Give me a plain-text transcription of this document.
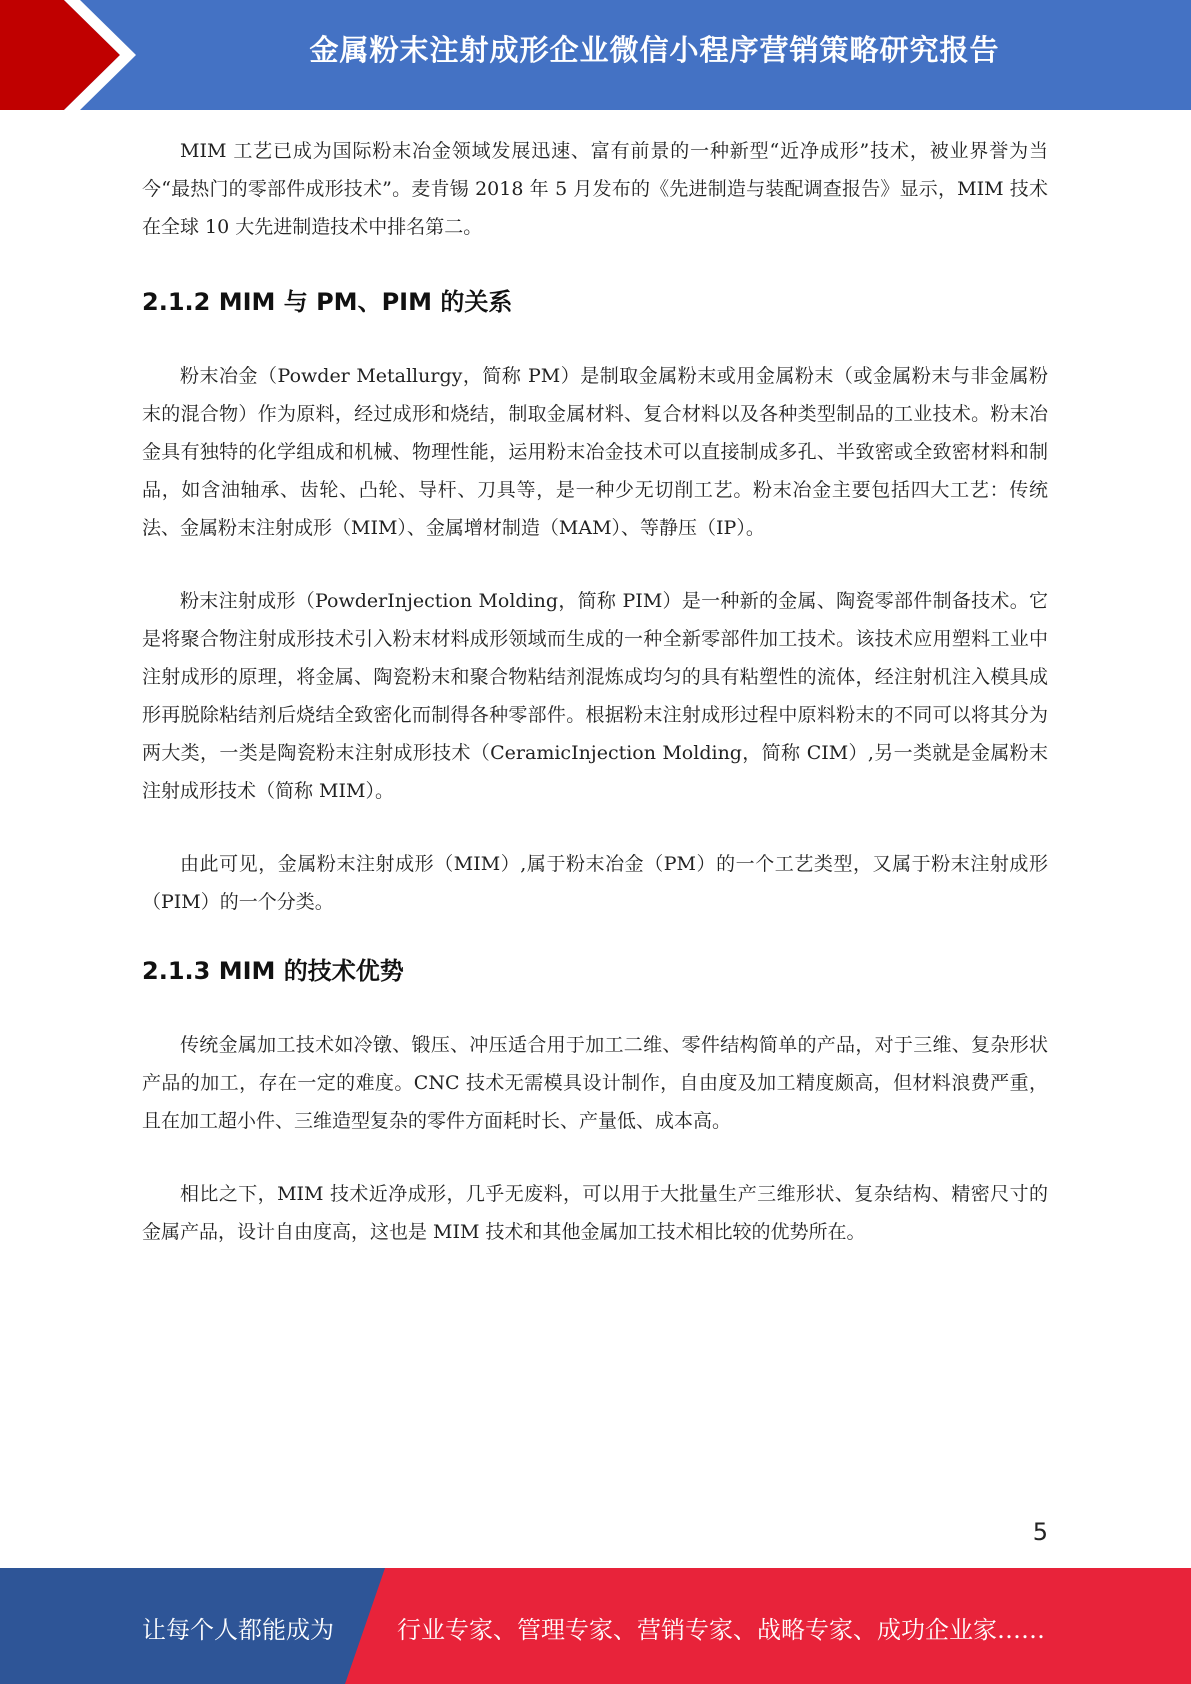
金属粉末注射成形企业微信小程序营销策略研究报告

MIM 工艺已成为国际粉末冶金领域发展迅速、富有前景的一种新型“近净成形”技术，被业界誉为当今“最热门的零部件成形技术”。麦肯锡 2018 年 5 月发布的《先进制造与装配调查报告》显示，MIM 技术在全球 10 大先进制造技术中排名第二。

2.1.2 MIM 与 PM、PIM 的关系

粉末冶金（Powder Metallurgy，简称 PM）是制取金属粉末或用金属粉末（或金属粉末与非金属粉末的混合物）作为原料，经过成形和烧结，制取金属材料、复合材料以及各种类型制品的工业技术。粉末冶金具有独特的化学组成和机械、物理性能，运用粉末冶金技术可以直接制成多孔、半致密或全致密材料和制品，如含油轴承、齿轮、凸轮、导杆、刀具等，是一种少无切削工艺。粉末冶金主要包括四大工艺：传统法、金属粉末注射成形（MIM）、金属增材制造（MAM）、等静压（IP）。

粉末注射成形（PowderInjection Molding，简称 PIM）是一种新的金属、陶瓷零部件制备技术。它是将聚合物注射成形技术引入粉末材料成形领域而生成的一种全新零部件加工技术。该技术应用塑料工业中注射成形的原理，将金属、陶瓷粉末和聚合物粘结剂混炼成均匀的具有粘塑性的流体，经注射机注入模具成形再脱除粘结剂后烧结全致密化而制得各种零部件。根据粉末注射成形过程中原料粉末的不同可以将其分为两大类，一类是陶瓷粉末注射成形技术（CeramicInjection Molding，简称 CIM）,另一类就是金属粉末注射成形技术（简称 MIM）。

由此可见，金属粉末注射成形（MIM）,属于粉末冶金（PM）的一个工艺类型，又属于粉末注射成形（PIM）的一个分类。

2.1.3 MIM 的技术优势

传统金属加工技术如冷镦、锻压、冲压适合用于加工二维、零件结构简单的产品，对于三维、复杂形状产品的加工，存在一定的难度。CNC 技术无需模具设计制作，自由度及加工精度颇高，但材料浪费严重，且在加工超小件、三维造型复杂的零件方面耗时长、产量低、成本高。

相比之下，MIM 技术近净成形，几乎无废料，可以用于大批量生产三维形状、复杂结构、精密尺寸的金属产品，设计自由度高，这也是 MIM 技术和其他金属加工技术相比较的优势所在。

5
让每个人都能成为	行业专家、管理专家、营销专家、战略专家、成功企业家……
